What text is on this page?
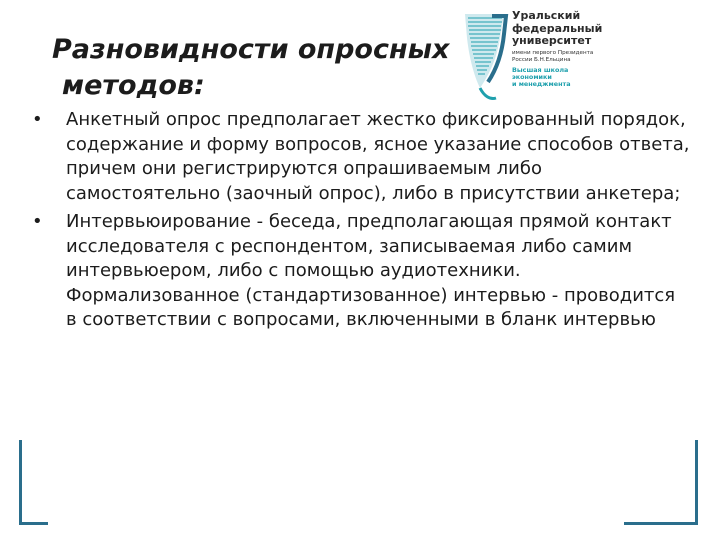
Разновидности опросных
методов:
Уральский
федеральный
университет
имени первого Президента
России Б.Н.Ельцина
Высшая школа
экономики
и менеджмента
• Анкетный опрос предполагает жестко фиксированный порядок, содержание и форму вопросов, ясное указание способов ответа, причем они регистрируются опрашиваемым либо самостоятельно (заочный опрос), либо в присутствии анкетера;
• Интервьюирование - беседа, предполагающая прямой контакт исследователя с респондентом, записываемая либо самим интервьюером, либо с помощью аудиотехники. Формализованное (стандартизованное) интервью - проводится в соответствии с вопросами, включенными в бланк интервью
